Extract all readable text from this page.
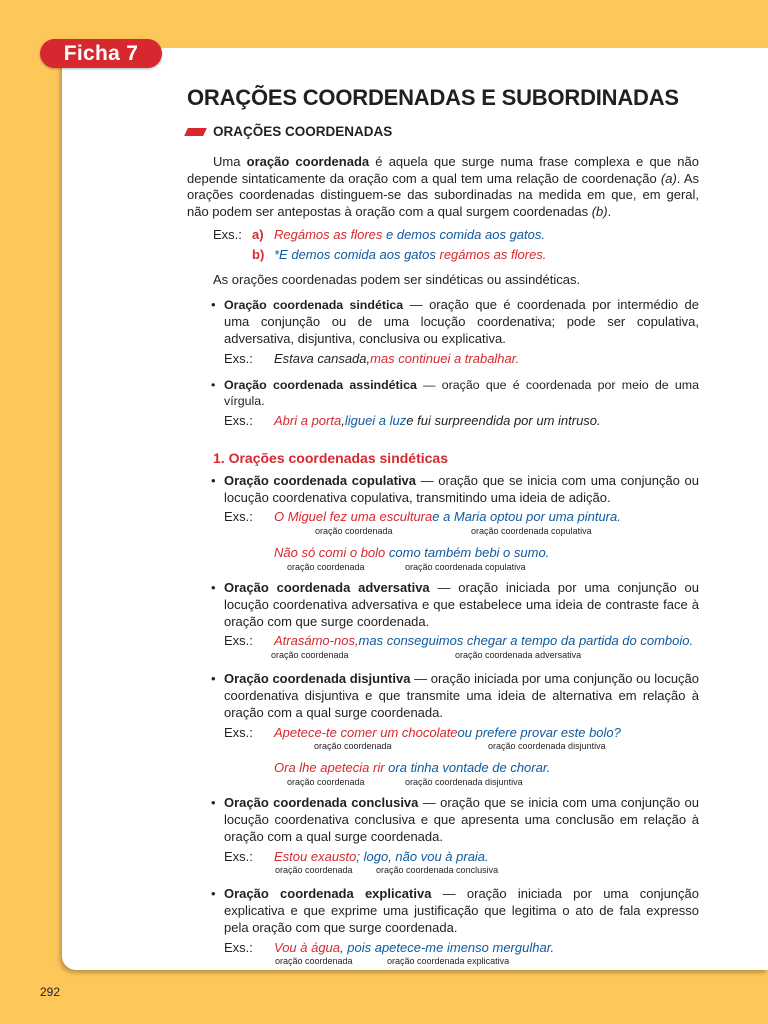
Ficha 7
292
ORAÇÕES COORDENADAS E SUBORDINADAS
ORAÇÕES COORDENADAS

Uma oração coordenada é aquela que surge numa frase complexa e que não depende sintaticamente da oração com a qual tem uma relação de coordenação (a). As orações coordenadas distinguem-se das subordinadas na medida em que, em geral, não podem ser antepostas à oração com a qual surgem coordenadas (b).

Exs.: a) Regámos as flores e demos comida aos gatos.
b) *E demos comida aos gatos regámos as flores.

As orações coordenadas podem ser sindéticas ou assindéticas.

• Oração coordenada sindética — oração que é coordenada por intermédio de uma conjunção ou de uma locução coordenativa; pode ser copulativa, adversativa, disjuntiva, conclusiva ou explicativa.
Exs.:	Estava cansada, mas continuei a trabalhar.
• Oração coordenada assindética — oração que é coordenada por meio de uma vírgula.
Exs.:	Abri a porta , liguei a luz e fui surpreendida por um intruso.
1. Orações coordenadas sindéticas
• Oração coordenada copulativa — oração que se inicia com uma conjunção ou locução coordenativa copulativa, transmitindo uma ideia de adição.
Exs.:	O Miguel fez uma escultura e a Maria optou por uma pintura.
oração coordenada	oração coordenada copulativa
Não só comi o bolo como também bebi o sumo.
oração coordenada	oração coordenada copulativa
• Oração coordenada adversativa — oração iniciada por uma conjunção ou locução coordenativa adversativa e que estabelece uma ideia de contraste face à oração com que surge coordenada.
Exs.:	Atrasámo-nos, mas conseguimos chegar a tempo da partida do comboio.
oração coordenada	oração coordenada adversativa
• Oração coordenada disjuntiva — oração iniciada por uma conjunção ou locução coordenativa disjuntiva e que transmite uma ideia de alternativa em relação à oração com a qual surge coordenada.
Exs.:	Apetece-te comer um chocolate ou prefere provar este bolo?
oração coordenada	oração coordenada disjuntiva
Ora lhe apetecia rir ora tinha vontade de chorar.
oração coordenada	oração coordenada disjuntiva
• Oração coordenada conclusiva — oração que se inicia com uma conjunção ou locução coordenativa conclusiva e que apresenta uma conclusão em relação à oração com a qual surge coordenada.
Exs.:	Estou exausto ; logo, não vou à praia.
oração coordenada	oração coordenada conclusiva
• Oração coordenada explicativa — oração iniciada por uma conjunção explicativa e que exprime uma justificação que legitima o ato de fala expresso pela oração com que surge coordenada.
Exs.:	Vou à água , pois apetece-me imenso mergulhar.
oração coordenada	oração coordenada explicativa
